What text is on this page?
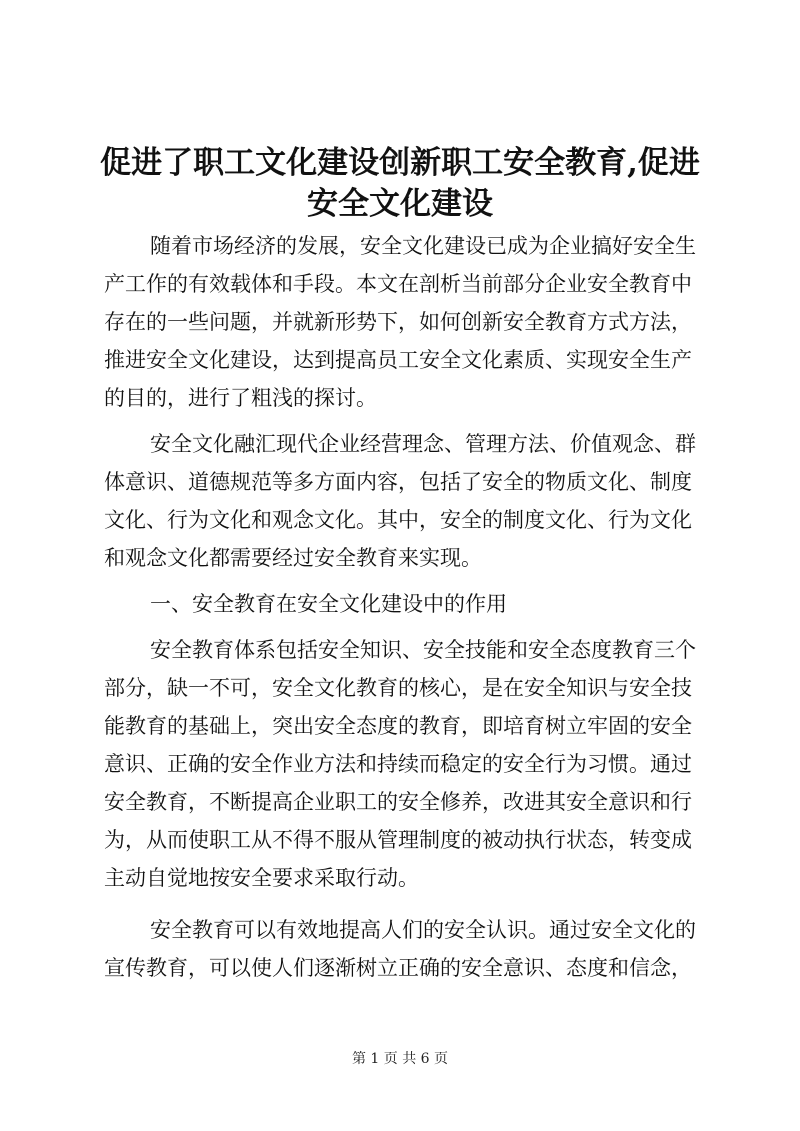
促进了职工文化建设创新职工安全教育,促进
安全文化建设

随着市场经济的发展，安全文化建设已成为企业搞好安全生

产工作的有效载体和手段。本文在剖析当前部分企业安全教育中

存在的一些问题，并就新形势下，如何创新安全教育方式方法，

推进安全文化建设，达到提高员工安全文化素质、实现安全生产

的目的，进行了粗浅的探讨。

安全文化融汇现代企业经营理念、管理方法、价值观念、群

体意识、道德规范等多方面内容，包括了安全的物质文化、制度

文化、行为文化和观念文化。其中，安全的制度文化、行为文化

和观念文化都需要经过安全教育来实现。

一、安全教育在安全文化建设中的作用

安全教育体系包括安全知识、安全技能和安全态度教育三个

部分，缺一不可，安全文化教育的核心，是在安全知识与安全技

能教育的基础上，突出安全态度的教育，即培育树立牢固的安全

意识、正确的安全作业方法和持续而稳定的安全行为习惯。通过

安全教育，不断提高企业职工的安全修养，改进其安全意识和行

为，从而使职工从不得不服从管理制度的被动执行状态，转变成

主动自觉地按安全要求采取行动。

安全教育可以有效地提高人们的安全认识。通过安全文化的

宣传教育，可以使人们逐渐树立正确的安全意识、态度和信念，

第 1 页 共 6 页
